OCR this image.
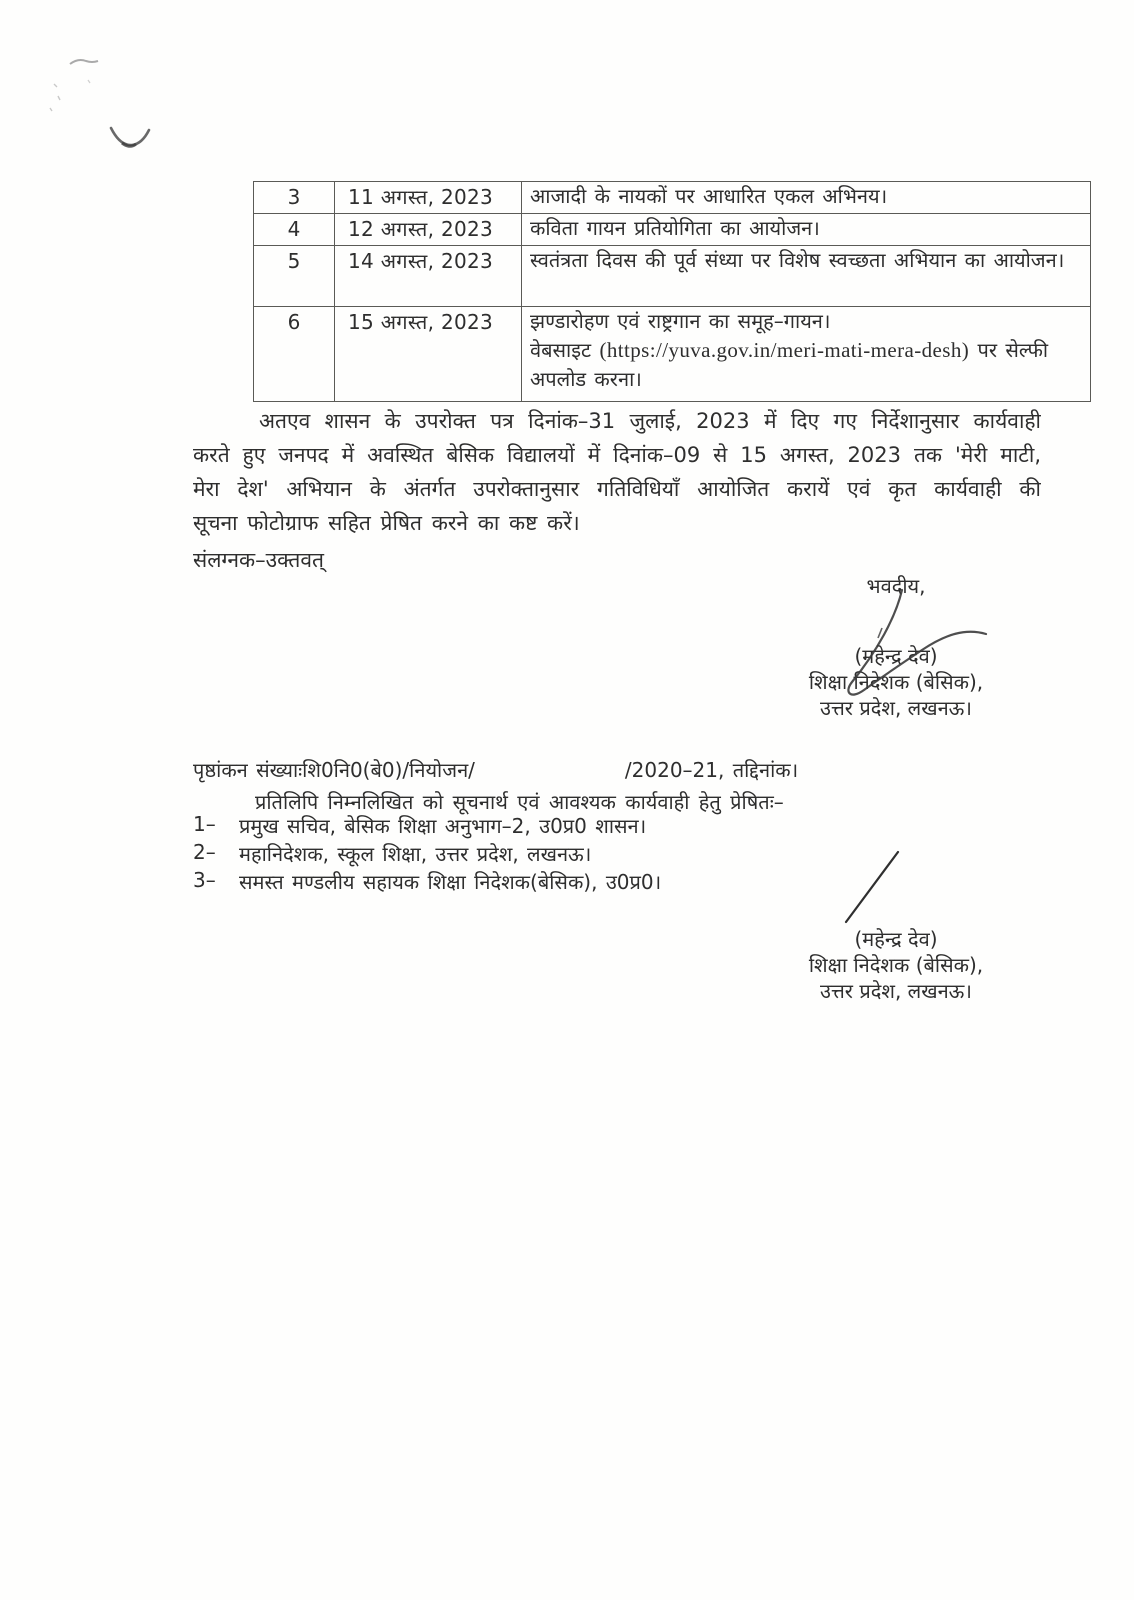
3	11 अगस्त, 2023	आजादी के नायकों पर आधारित एकल अभिनय।
4	12 अगस्त, 2023	कविता गायन प्रतियोगिता का आयोजन।
5	14 अगस्त, 2023	स्वतंत्रता दिवस की पूर्व संध्या पर विशेष स्वच्छता अभियान का आयोजन।
6	15 अगस्त, 2023	झण्डारोहण एवं राष्ट्रगान का समूह–गायन।
वेबसाइट (https://yuva.gov.in/meri-mati-mera-desh) पर सेल्फी अपलोड करना।
अतएव शासन के उपरोक्त पत्र दिनांक–31 जुलाई, 2023 में दिए गए निर्देशानुसार कार्यवाही
करते हुए जनपद में अवस्थित बेसिक विद्यालयों में दिनांक–09 से 15 अगस्त, 2023 तक 'मेरी माटी,
मेरा देश' अभियान के अंतर्गत उपरोक्तानुसार गतिविधियाँ आयोजित करायें एवं कृत कार्यवाही की
सूचना फोटोग्राफ सहित प्रेषित करने का कष्ट करें।
संलग्नक–उक्तवत्
भवदीय,
(महेन्द्र देव)
शिक्षा निदेशक (बेसिक),
उत्तर प्रदेश, लखनऊ।
पृष्ठांकन संख्याःशि0नि0(बे0)/नियोजन/	/2020–21, तद्दिनांक।
प्रतिलिपि निम्नलिखित को सूचनार्थ एवं आवश्यक कार्यवाही हेतु प्रेषितः–
1–	प्रमुख सचिव, बेसिक शिक्षा अनुभाग–2, उ0प्र0 शासन।
2–	महानिदेशक, स्कूल शिक्षा, उत्तर प्रदेश, लखनऊ।
3–	समस्त मण्डलीय सहायक शिक्षा निदेशक(बेसिक), उ0प्र0।
(महेन्द्र देव)
शिक्षा निदेशक (बेसिक),
उत्तर प्रदेश, लखनऊ।
